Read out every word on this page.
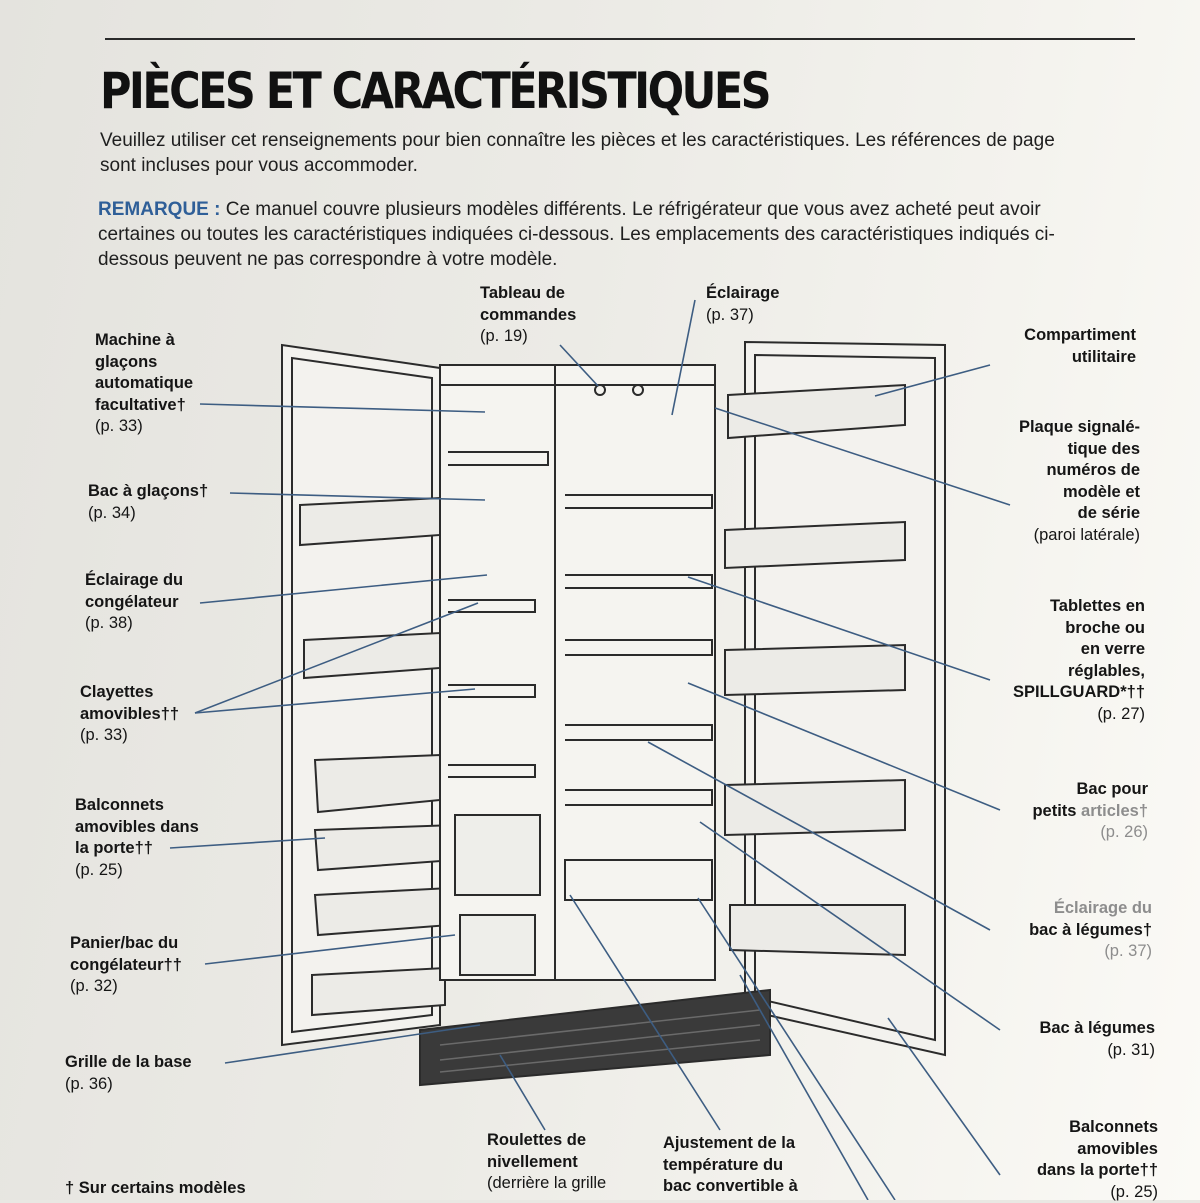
PIÈCES ET CARACTÉRISTIQUES

Veuillez utiliser cet renseignements pour bien connaître les pièces et les caractéristiques. Les références de page sont incluses pour vous accommoder.

REMARQUE : Ce manuel couvre plusieurs modèles différents. Le réfrigérateur que vous avez acheté peut avoir certaines ou toutes les caractéristiques indiquées ci-dessous. Les emplacements des caractéristiques indiqués ci-dessous peuvent ne pas correspondre à votre modèle.

Machine à
glaçons
automatique
facultative†
(p. 33)
Bac à glaçons†
(p. 34)
Éclairage du
congélateur
(p. 38)
Clayettes
amovibles††
(p. 33)
Balconnets
amovibles dans
la porte††
(p. 25)
Panier/bac du
congélateur††
(p. 32)
Grille de la base
(p. 36)
† Sur certains modèles
Roulettes de
nivellement
(derrière la grille
Ajustement de la
température du
bac convertible à
Tableau de
commandes
(p. 19)
Éclairage
(p. 37)
Compartiment
utilitaire
Plaque signalé-
tique des
numéros de
modèle et
de série
(paroi latérale)
Tablettes en
broche ou
en verre
réglables,
SPILLGUARD*††
(p. 27)
Bac pour
petits articles†
(p. 26)
Éclairage du
bac à légumes†
(p. 37)
Bac à légumes
(p. 31)
Balconnets
amovibles
dans la porte††
(p. 25)
